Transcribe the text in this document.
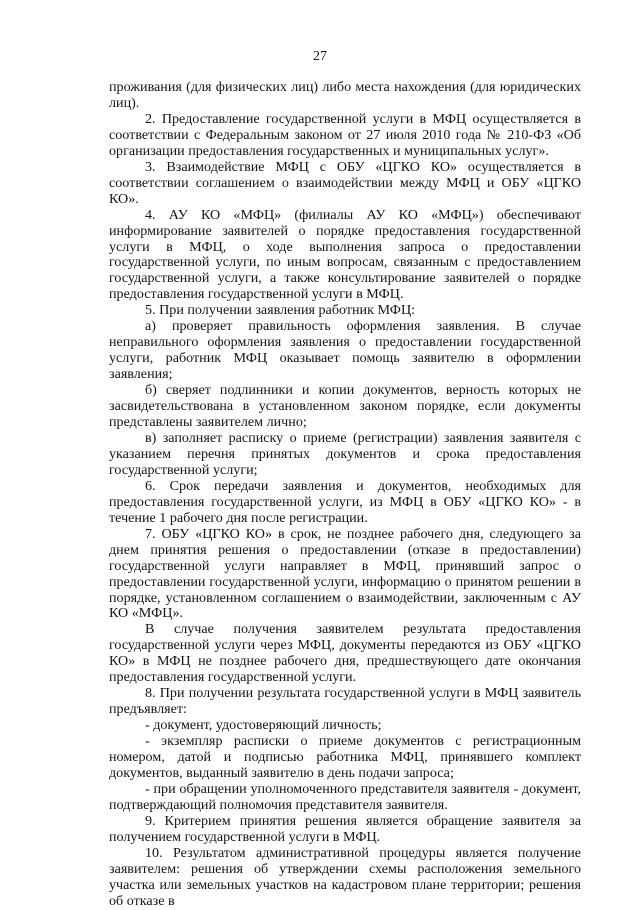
27

проживания (для физических лиц) либо места нахождения (для юридических лиц).

2. Предоставление государственной услуги в МФЦ осуществляется в соответствии с Федеральным законом от 27 июля 2010 года № 210-ФЗ «Об организации предоставления государственных и муниципальных услуг».

3. Взаимодействие МФЦ с ОБУ «ЦГКО КО» осуществляется в соответствии соглашением о взаимодействии между МФЦ и ОБУ «ЦГКО КО».

4. АУ КО «МФЦ» (филиалы АУ КО «МФЦ») обеспечивают информирование заявителей о порядке предоставления государственной услуги в МФЦ, о ходе выполнения запроса о предоставлении государственной услуги, по иным вопросам, связанным с предоставлением государственной услуги, а также консультирование заявителей о порядке предоставления государственной услуги в МФЦ.

5. При получении заявления работник МФЦ:

а) проверяет правильность оформления заявления. В случае неправильного оформления заявления о предоставлении государственной услуги, работник МФЦ оказывает помощь заявителю в оформлении заявления;

б) сверяет подлинники и копии документов, верность которых не засвидетельствована в установленном законом порядке, если документы представлены заявителем лично;

в) заполняет расписку о приеме (регистрации) заявления заявителя с указанием перечня принятых документов и срока предоставления государственной услуги;

6. Срок передачи заявления и документов, необходимых для предоставления государственной услуги, из МФЦ в ОБУ «ЦГКО КО» - в течение 1 рабочего дня после регистрации.

7. ОБУ «ЦГКО КО» в срок, не позднее рабочего дня, следующего за днем принятия решения о предоставлении (отказе в предоставлении) государственной услуги направляет в МФЦ, принявший запрос о предоставлении государственной услуги, информацию о принятом решении в порядке, установленном соглашением о взаимодействии, заключенным с АУ КО «МФЦ».

В случае получения заявителем результата предоставления государственной услуги через МФЦ, документы передаются из ОБУ «ЦГКО КО» в МФЦ не позднее рабочего дня, предшествующего дате окончания предоставления государственной услуги.

8. При получении результата государственной услуги в МФЦ заявитель предъявляет:

- документ, удостоверяющий личность;

- экземпляр расписки о приеме документов с регистрационным номером, датой и подписью работника МФЦ, принявшего комплект документов, выданный заявителю в день подачи запроса;

- при обращении уполномоченного представителя заявителя - документ, подтверждающий полномочия представителя заявителя.

9. Критерием принятия решения является обращение заявителя за получением государственной услуги в МФЦ.

10. Результатом административной процедуры является получение заявителем: решения об утверждении схемы расположения земельного участка или земельных участков на кадастровом плане территории; решения об отказе в
